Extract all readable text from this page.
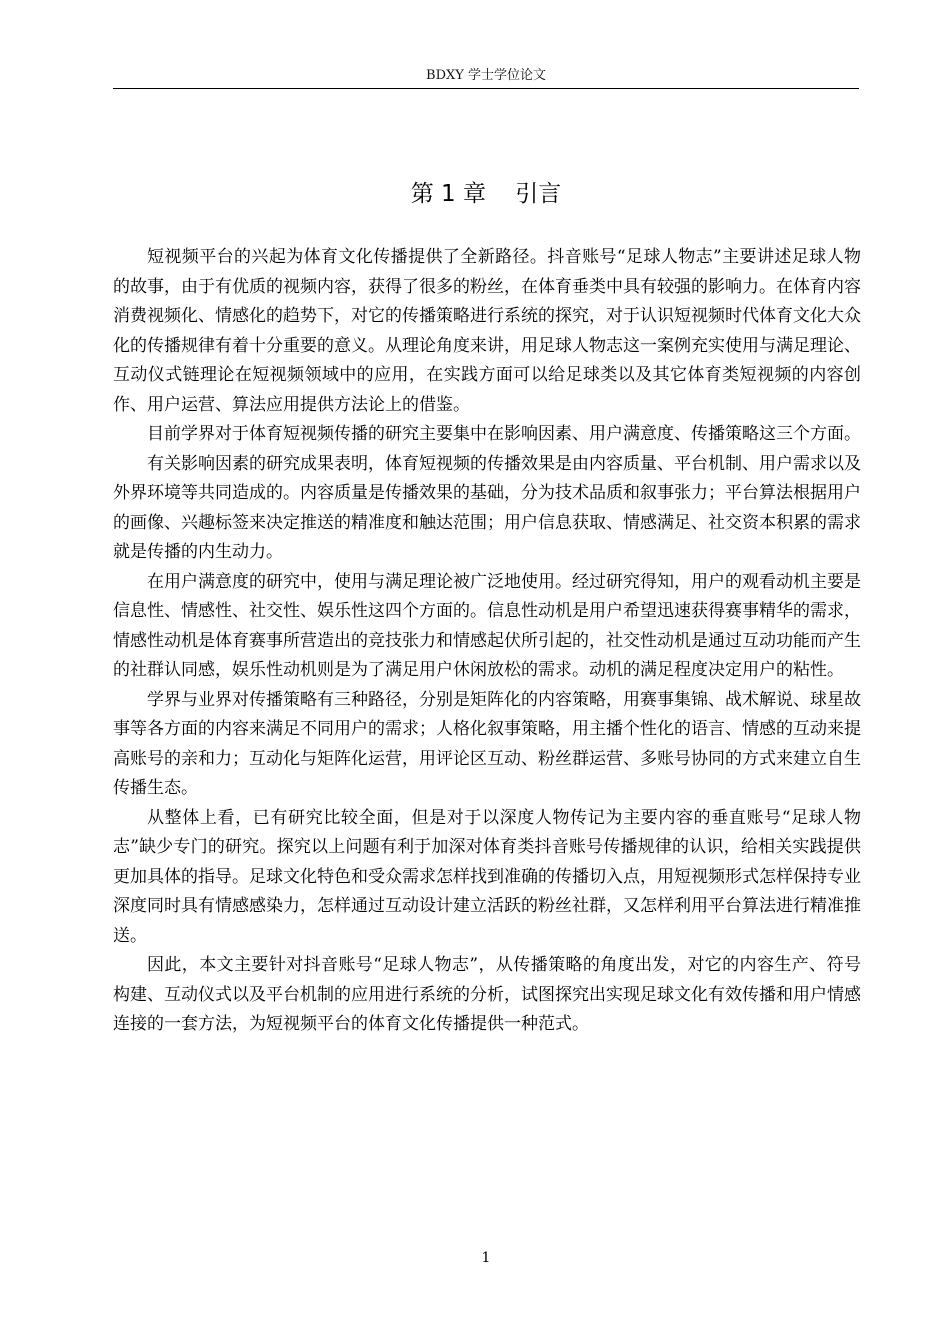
BDXY 学士学位论文
第 1 章    引言

短视频平台的兴起为体育文化传播提供了全新路径。抖音账号“足球人物志”主要讲述足球人物的故事，由于有优质的视频内容，获得了很多的粉丝，在体育垂类中具有较强的影响力。在体育内容消费视频化、情感化的趋势下，对它的传播策略进行系统的探究，对于认识短视频时代体育文化大众化的传播规律有着十分重要的意义。从理论角度来讲，用足球人物志这一案例充实使用与满足理论、互动仪式链理论在短视频领域中的应用，在实践方面可以给足球类以及其它体育类短视频的内容创作、用户运营、算法应用提供方法论上的借鉴。

目前学界对于体育短视频传播的研究主要集中在影响因素、用户满意度、传播策略这三个方面。

有关影响因素的研究成果表明，体育短视频的传播效果是由内容质量、平台机制、用户需求以及外界环境等共同造成的。内容质量是传播效果的基础，分为技术品质和叙事张力；平台算法根据用户的画像、兴趣标签来决定推送的精准度和触达范围；用户信息获取、情感满足、社交资本积累的需求就是传播的内生动力。

在用户满意度的研究中，使用与满足理论被广泛地使用。经过研究得知，用户的观看动机主要是信息性、情感性、社交性、娱乐性这四个方面的。信息性动机是用户希望迅速获得赛事精华的需求，情感性动机是体育赛事所营造出的竞技张力和情感起伏所引起的，社交性动机是通过互动功能而产生的社群认同感，娱乐性动机则是为了满足用户休闲放松的需求。动机的满足程度决定用户的粘性。

学界与业界对传播策略有三种路径，分别是矩阵化的内容策略，用赛事集锦、战术解说、球星故事等各方面的内容来满足不同用户的需求；人格化叙事策略，用主播个性化的语言、情感的互动来提高账号的亲和力；互动化与矩阵化运营，用评论区互动、粉丝群运营、多账号协同的方式来建立自生传播生态。

从整体上看，已有研究比较全面，但是对于以深度人物传记为主要内容的垂直账号“足球人物志”缺少专门的研究。探究以上问题有利于加深对体育类抖音账号传播规律的认识，给相关实践提供更加具体的指导。足球文化特色和受众需求怎样找到准确的传播切入点，用短视频形式怎样保持专业深度同时具有情感感染力，怎样通过互动设计建立活跃的粉丝社群，又怎样利用平台算法进行精准推送。

因此，本文主要针对抖音账号“足球人物志”，从传播策略的角度出发，对它的内容生产、符号构建、互动仪式以及平台机制的应用进行系统的分析，试图探究出实现足球文化有效传播和用户情感连接的一套方法，为短视频平台的体育文化传播提供一种范式。

1
